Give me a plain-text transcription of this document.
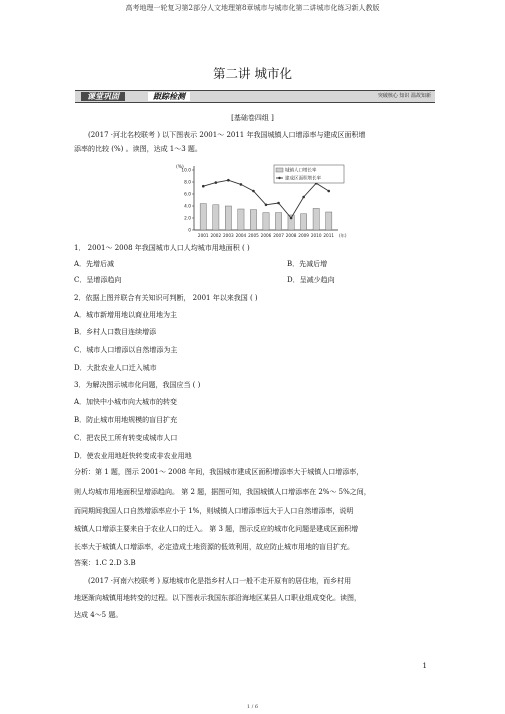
高考地理一轮复习第2部分人文地理第8章城市与城市化第二讲城市化练习新人教版
第二讲 城市化
课堂巩固	跟踪检测	突破核心 知识 温故知新
[基础卷四组 ]
(2017 ·河北名校联考 ) 以下图表示 2001～ 2011 年我国城镇人口增添率与建成区面积增
添率的比较 (%) 。读图，达成 1～3 题。
(%)
10.0
8.0
6.0
4.0
2.0
0
2001 2002 2003 2004 2005 2006 2007 2008 2009 2010 2011 (年)
城镇人口增长率
建成区面积增长率
1． 2001～ 2008 年我国城市人口人均城市用地面积 ( )
A．先增后减	B．先减后增
C．呈增添趋向	D．呈减少趋向
2．依据上图并联合有关知识可判断， 2001 年以来我国 ( )
A．城市新增用地以商业用地为主
B．乡村人口数目连续增添
C．城市人口增添以自然增添为主
D．大批农业人口迁入城市
3．为解决图示城市化问题，我国应当 ( )
A．加快中小城市向大城市的转变
B．防止城市用地规模的盲目扩充
C．把农民工所有转变成城市人口
D．使农业用地赶快转变成非农业用地
分析：第 1 题，图示 2001～ 2008 年间，我国城市建成区面积增添率大于城镇人口增添率，
则人均城市用地面积呈增添趋向。 第 2 题，据图可知，我国城镇人口增添率在 2%～ 5%之间，
而同期间我国人口自然增添率应小于 1%，则城镇人口增添率远大于人口自然增添率，说明
城镇人口增添主要来自于农业人口的迁入。 第 3 题，图示反应的城市化问题是建成区面积增
长率大于城镇人口增添率，必定造成土地资源的低效利用，故应防止城市用地的盲目扩充。
答案：1.C 2.D 3.B
(2017 ·河南六校联考 ) 原地城市化是指乡村人口一般不走开原有的居住地，而乡村用
地逐渐向城镇用地转变的过程。以下图表示我国东部沿海地区某县人口职业组成变化。读图，
达成 4～5 题。
1
1 / 6
